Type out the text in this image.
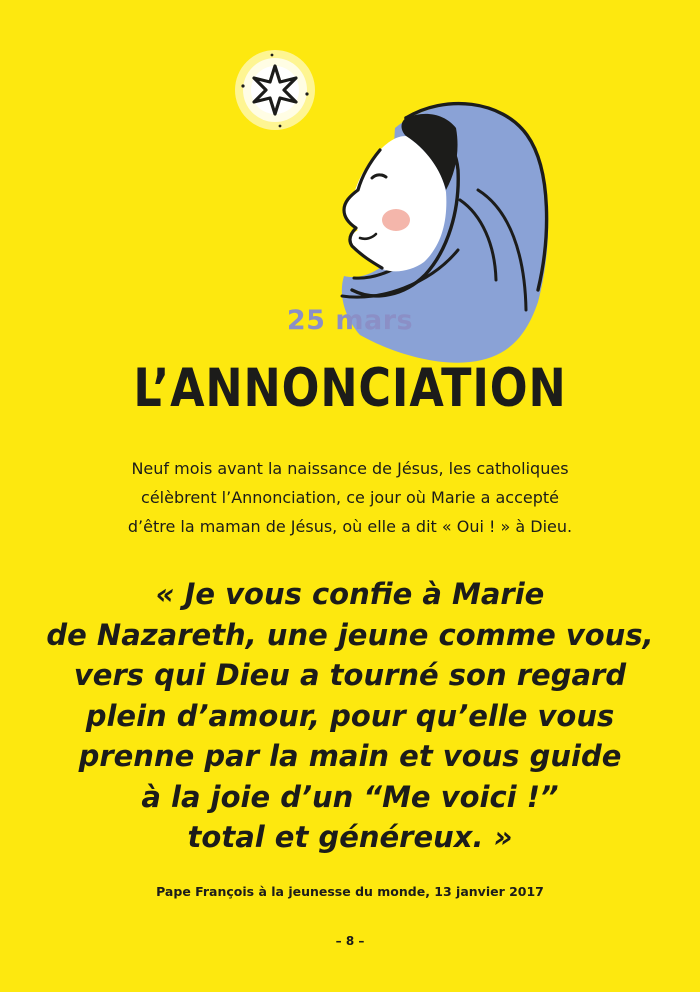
25 mars
L’ANNONCIATION
Neuf mois avant la naissance de Jésus, les catholiques
célèbrent l’Annonciation, ce jour où Marie a accepté
d’être la maman de Jésus, où elle a dit « Oui ! » à Dieu.
« Je vous confie à Marie
de Nazareth, une jeune comme vous,
vers qui Dieu a tourné son regard
plein d’amour, pour qu’elle vous
prenne par la main et vous guide
à la joie d’un “Me voici !”
total et généreux. »
Pape François à la jeunesse du monde, 13 janvier 2017
– 8 –
